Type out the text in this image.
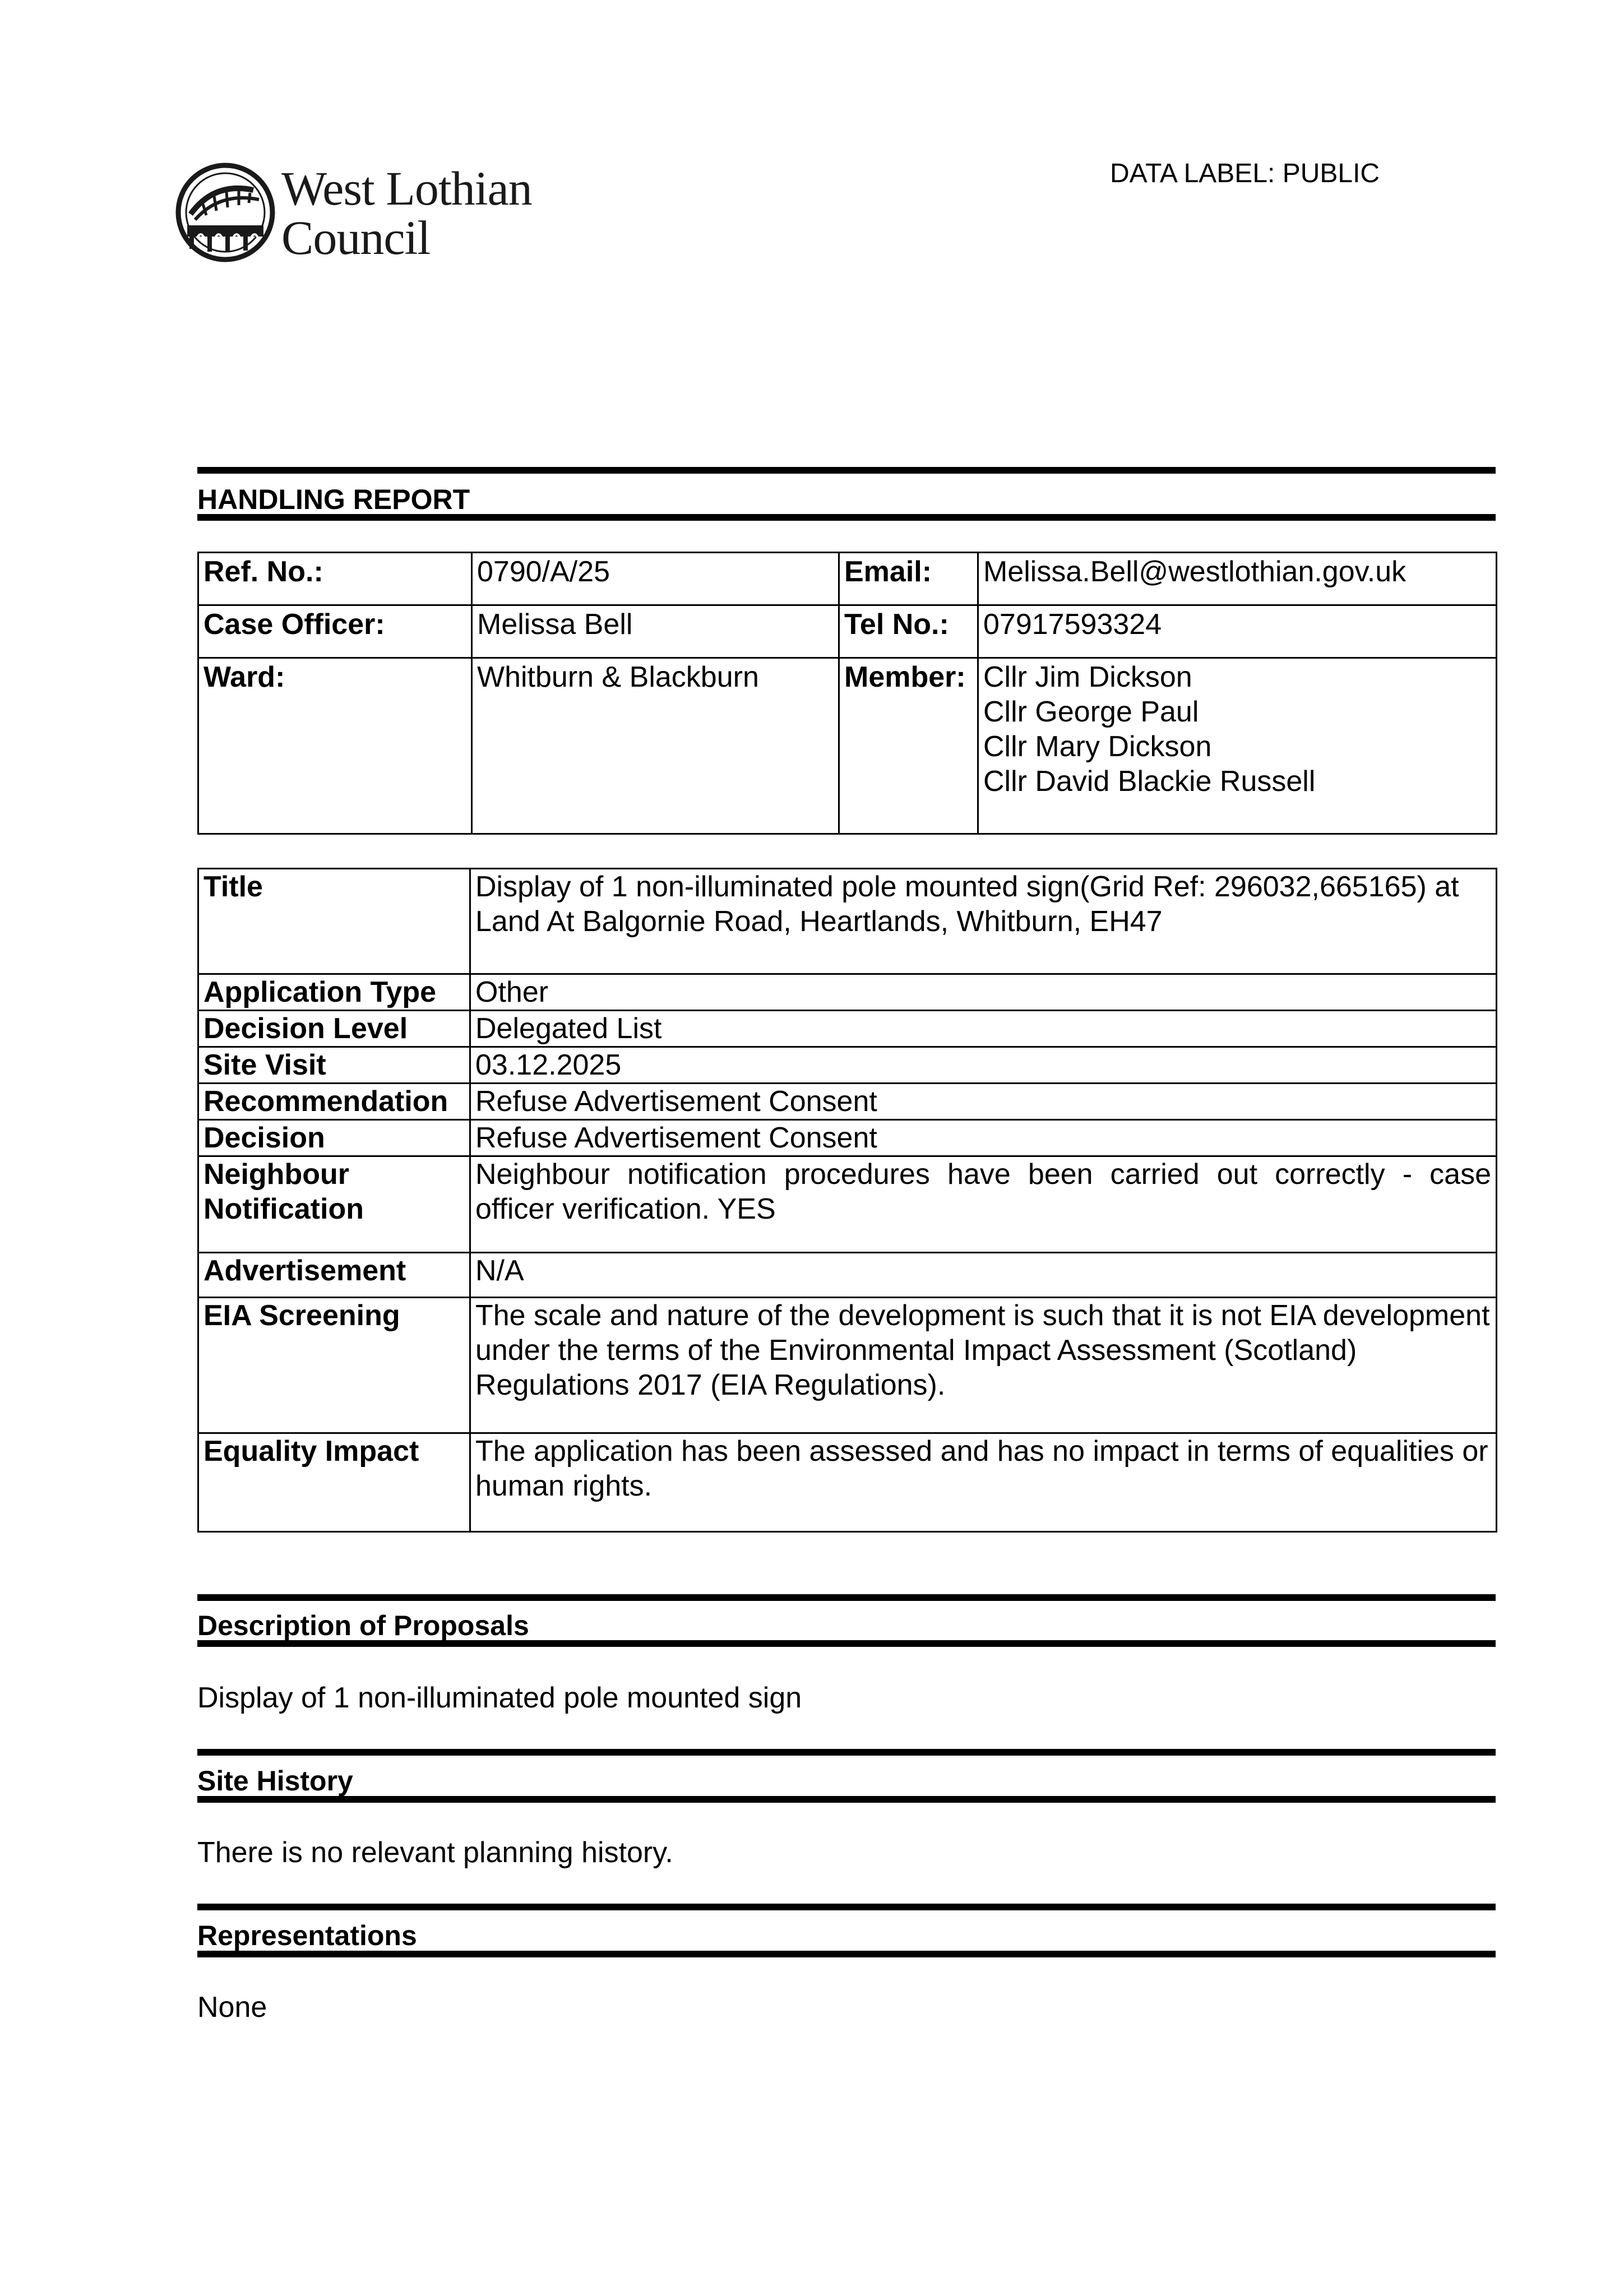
West Lothian
Council
DATA LABEL: PUBLIC
HANDLING REPORT
Ref. No.:	0790/A/25	Email:	Melissa.Bell@westlothian.gov.uk
Case Officer:	Melissa Bell	Tel No.:	07917593324
Ward:	Whitburn & Blackburn	Member:	Cllr Jim Dickson
Cllr George Paul
Cllr Mary Dickson
Cllr David Blackie Russell
Title	Display of 1 non-illuminated pole mounted sign(Grid Ref: 296032,665165) at Land At Balgornie Road, Heartlands, Whitburn, EH47
Application Type	Other
Decision Level	Delegated List
Site Visit	03.12.2025
Recommendation	Refuse Advertisement Consent
Decision	Refuse Advertisement Consent

Neighbour
Notification	Neighbour notification procedures have been carried out correctly - case officer verification. YES
Advertisement	N/A
EIA Screening	The scale and nature of the development is such that it is not EIA development under the terms of the Environmental Impact Assessment (Scotland) Regulations 2017 (EIA Regulations).
Equality Impact	The application has been assessed and has no impact in terms of equalities or human rights.
Description of Proposals
Display of 1 non-illuminated pole mounted sign
Site History
There is no relevant planning history.
Representations
None
